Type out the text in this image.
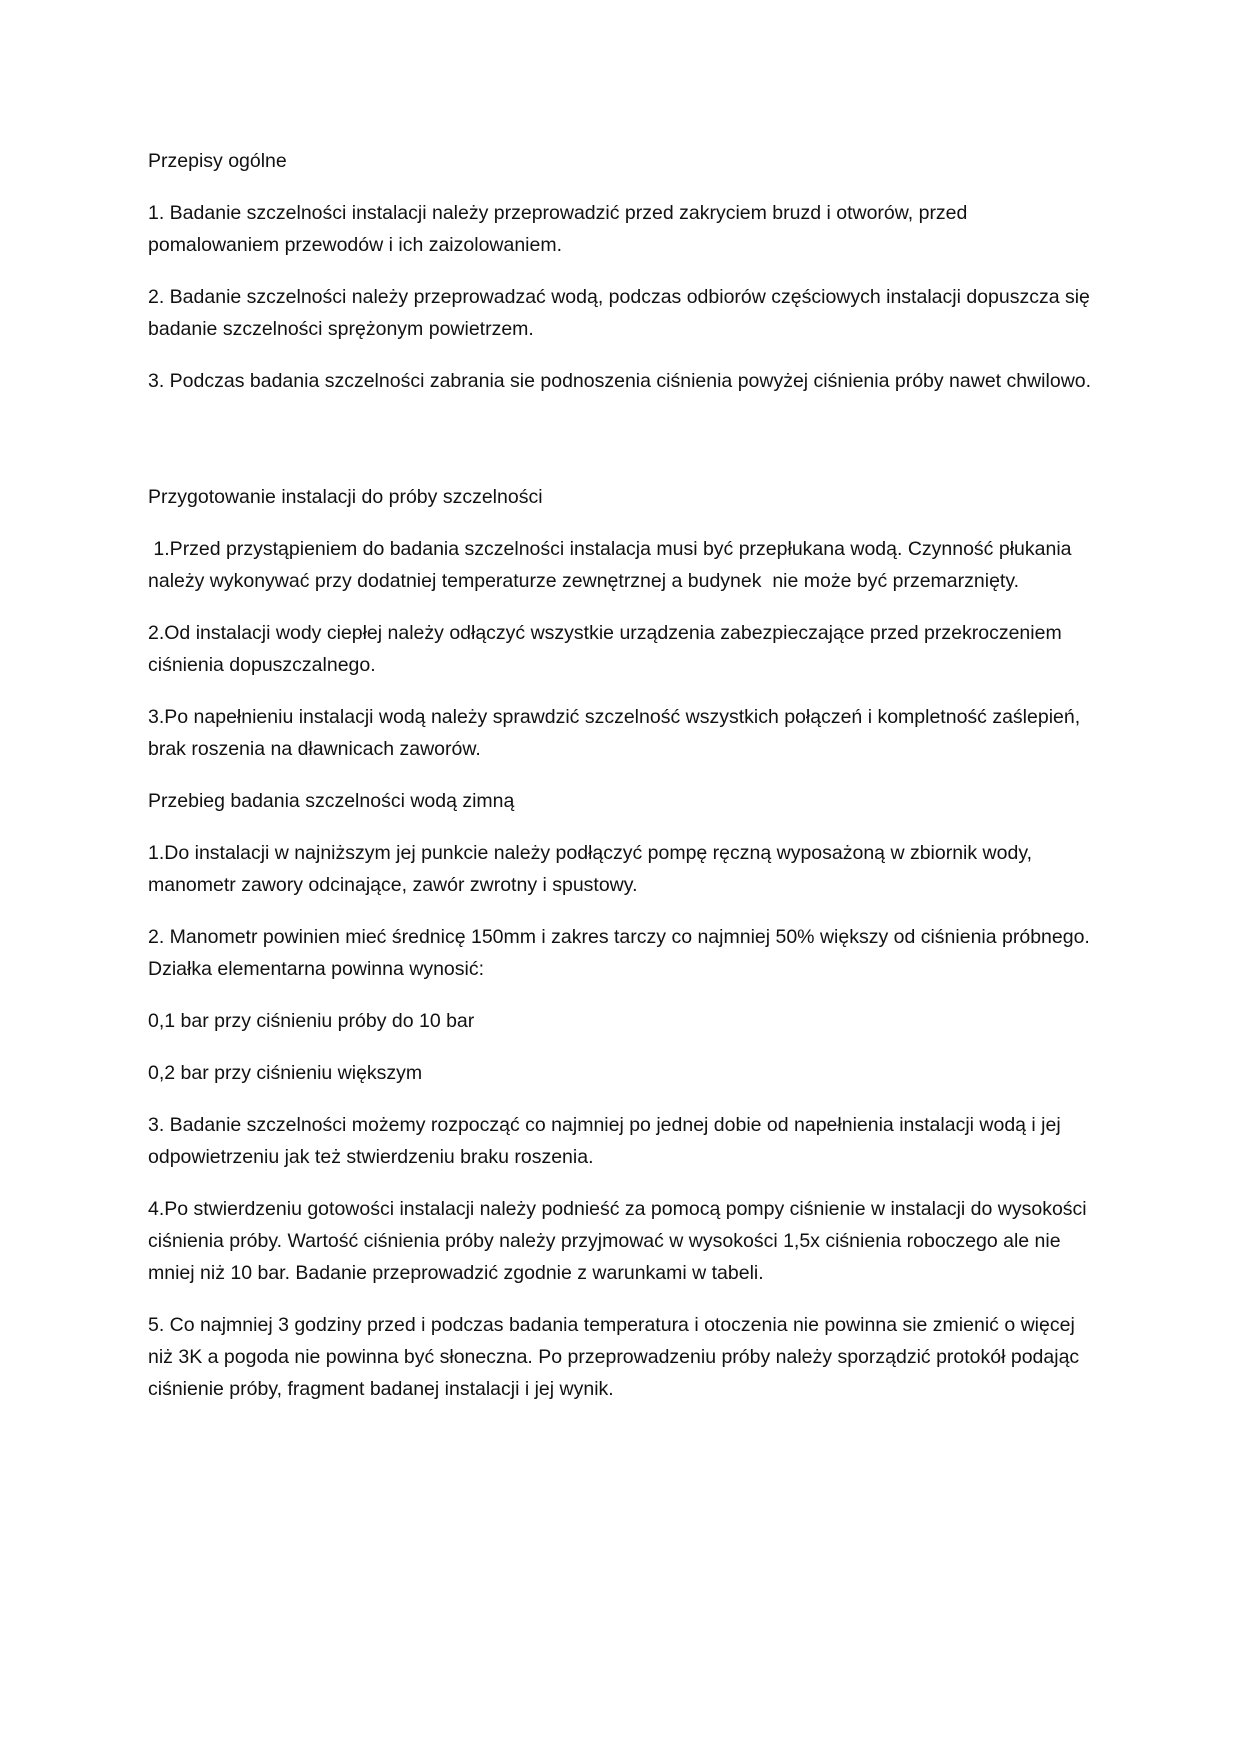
Przepisy ogólne

1. Badanie szczelności instalacji należy przeprowadzić przed zakryciem bruzd i otworów, przed pomalowaniem przewodów i ich zaizolowaniem.

2. Badanie szczelności należy przeprowadzać wodą, podczas odbiorów częściowych instalacji dopuszcza się badanie szczelności sprężonym powietrzem.

3. Podczas badania szczelności zabrania sie podnoszenia ciśnienia powyżej ciśnienia próby nawet chwilowo.

Przygotowanie instalacji do próby szczelności

1.Przed przystąpieniem do badania szczelności instalacja musi być przepłukana wodą. Czynność płukania należy wykonywać przy dodatniej temperaturze zewnętrznej a budynek  nie może być przemarznięty.

2.Od instalacji wody ciepłej należy odłączyć wszystkie urządzenia zabezpieczające przed przekroczeniem ciśnienia dopuszczalnego.

3.Po napełnieniu instalacji wodą należy sprawdzić szczelność wszystkich połączeń i kompletność zaślepień, brak roszenia na dławnicach zaworów.

Przebieg badania szczelności wodą zimną

1.Do instalacji w najniższym jej punkcie należy podłączyć pompę ręczną wyposażoną w zbiornik wody, manometr zawory odcinające, zawór zwrotny i spustowy.

2. Manometr powinien mieć średnicę 150mm i zakres tarczy co najmniej 50% większy od ciśnienia próbnego. Działka elementarna powinna wynosić:

0,1 bar przy ciśnieniu próby do 10 bar

0,2 bar przy ciśnieniu większym

3. Badanie szczelności możemy rozpocząć co najmniej po jednej dobie od napełnienia instalacji wodą i jej odpowietrzeniu jak też stwierdzeniu braku roszenia.

4.Po stwierdzeniu gotowości instalacji należy podnieść za pomocą pompy ciśnienie w instalacji do wysokości ciśnienia próby. Wartość ciśnienia próby należy przyjmować w wysokości 1,5x ciśnienia roboczego ale nie mniej niż 10 bar. Badanie przeprowadzić zgodnie z warunkami w tabeli.

5. Co najmniej 3 godziny przed i podczas badania temperatura i otoczenia nie powinna sie zmienić o więcej niż 3K a pogoda nie powinna być słoneczna. Po przeprowadzeniu próby należy sporządzić protokół podając ciśnienie próby, fragment badanej instalacji i jej wynik.
